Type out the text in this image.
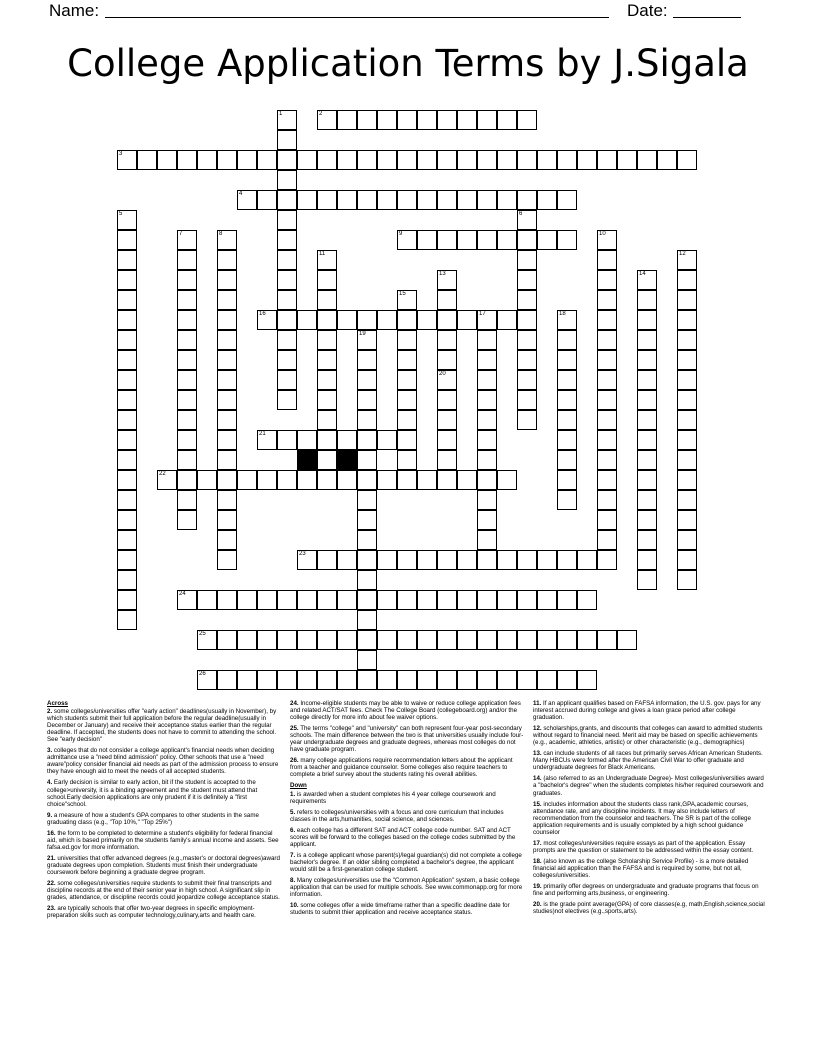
Name:	Date:
College Application Terms by J.Sigala
2
3
4
9
16	17
21
22
23
24
25
26
1
5	6
7	8	10
11	12
13
20
14
15
18
19
Across
2. some colleges/universities offer "early action" deadlines(usually in November), by which students submit their full application before the regular deadline(usually in December or January) and receive their acceptance status earlier than the regular deadline. If accepted, the students does not have to commit to attending the school. See "early decision"
3. colleges that do not consider a college applicant's financial needs when deciding admittance use a "need blind admission" policy. Other schools that use a "need aware"policy consider financial aid needs as part of the admission process to ensure they have enough aid to meet the needs of all accepted students.
4. Early decision is similar to early action, bit if the student is accepted to the college>university, it is a binding agreement and the student must attend that school.Early decision applications are only prudent if it is definitely a "first choice"school.
9. a measure of how a student's GPA compares to other students in the same graduating class (e.g., "Top 10%," "Top 25%")
16. the form to be completed to determine a student's eligibility for federal financial aid, which is based primarily on the students family's annual income and assets. See fafsa.ed.gov for more information.
21. universities that offer advanced degrees (e.g.,master's or doctoral degrees)award graduate degrees upon completion. Students must finish their undergraduate coursework before beginning a graduate degree program.
22. some colleges/universities require students to submit their final transcripts and discipline records at the end of their senior year in high school. A significant slip in grades, attendance, or discipline records could jeopardize college acceptance status.
23. are typically schools that offer two-year degrees in specific employment-preparation skills such as computer technology,culinary,arts and health care.
24. Income-eligible students may be able to waive or reduce college application fees and related ACT/SAT fees. Check The College Board (collegeboard.org) and/or the college directly for more info about fee waiver options.
25. The terms "college" and "university" can both represent four-year post-secondary schools. The main difference between the two is that universities usually include four-year undergraduate degrees and graduate degrees, whereas most colleges do not have graduate program.
26. many college applications require recommendation letters about the applicant from a teacher and guidance counselor. Some colleges also require teachers to complete a brief survey about the students rating his overall abilities.
Down
1. is awarded when a student completes his 4 year college coursework and requirements
5. refers to colleges/universities with a focus and core curriculum that includes classes in the arts,humanities, social science, and sciences.
6. each college has a different SAT and ACT college code number. SAT and ACT scores will be forward to the colleges based on the college codes submitted by the applicant.
7. is a college applicant whose parent(s)/legal guardian(s) did not complete a college bachelor's degree. If an older sibling completed a bachelor's degree, the applicant would still be a first-generation college student.
8. Many colleges/universities use the "Common Application" system, a basic college application that can be used for multiple schools. See www.commonapp.org for more information.
10. some colleges offer a wide timeframe rather than a specific deadline date for students to submit thier application and receive acceptance status.
11. If an applicant qualifies based on FAFSA information, the U.S. gov. pays for any interest accrued during college and gives a loan grace period after college graduation.
12. scholarships,grants, and discounts that colleges can award to admitted students without regard to financial need. Merit aid may be based on specific achievements (e.g., academic, athletics, artistic) or other characteristic (e.g., demographics)
13. can include students of all races but primarily serves African American Students. Many HBCUs were formed after the American Civil War to offer graduate and undergraduate degrees for Black Americans.
14. (also referred to as an Undergraduate Degree)- Most colleges/universities award a "bachelor's degree" when the students completes his/her required coursework and graduates.
15. includes information about the students class rank,GPA,academic courses, attendance rate, and any discipline incidents. It may also include letters of recommendation from the counselor and teachers. The SR is part of the college application requirements and is usually completed by a high school guidance counselor
17. most colleges/universities require essays as part of the application. Essay prompts are the question or statement to be addressed within the essay content.
18. (also known as the college Scholarship Service Profile) - is a more detailed financial aid application than the FAFSA and is required by some, but not all, colleges/universities.
19. primarily offer degrees on undergraduate and graduate programs that focus on fine and performing arts,business, or engineering.
20. is the grade point average(GPA) of core classes(e.g, math,English,science,social studies)not electives (e.g.,sports,arts).
